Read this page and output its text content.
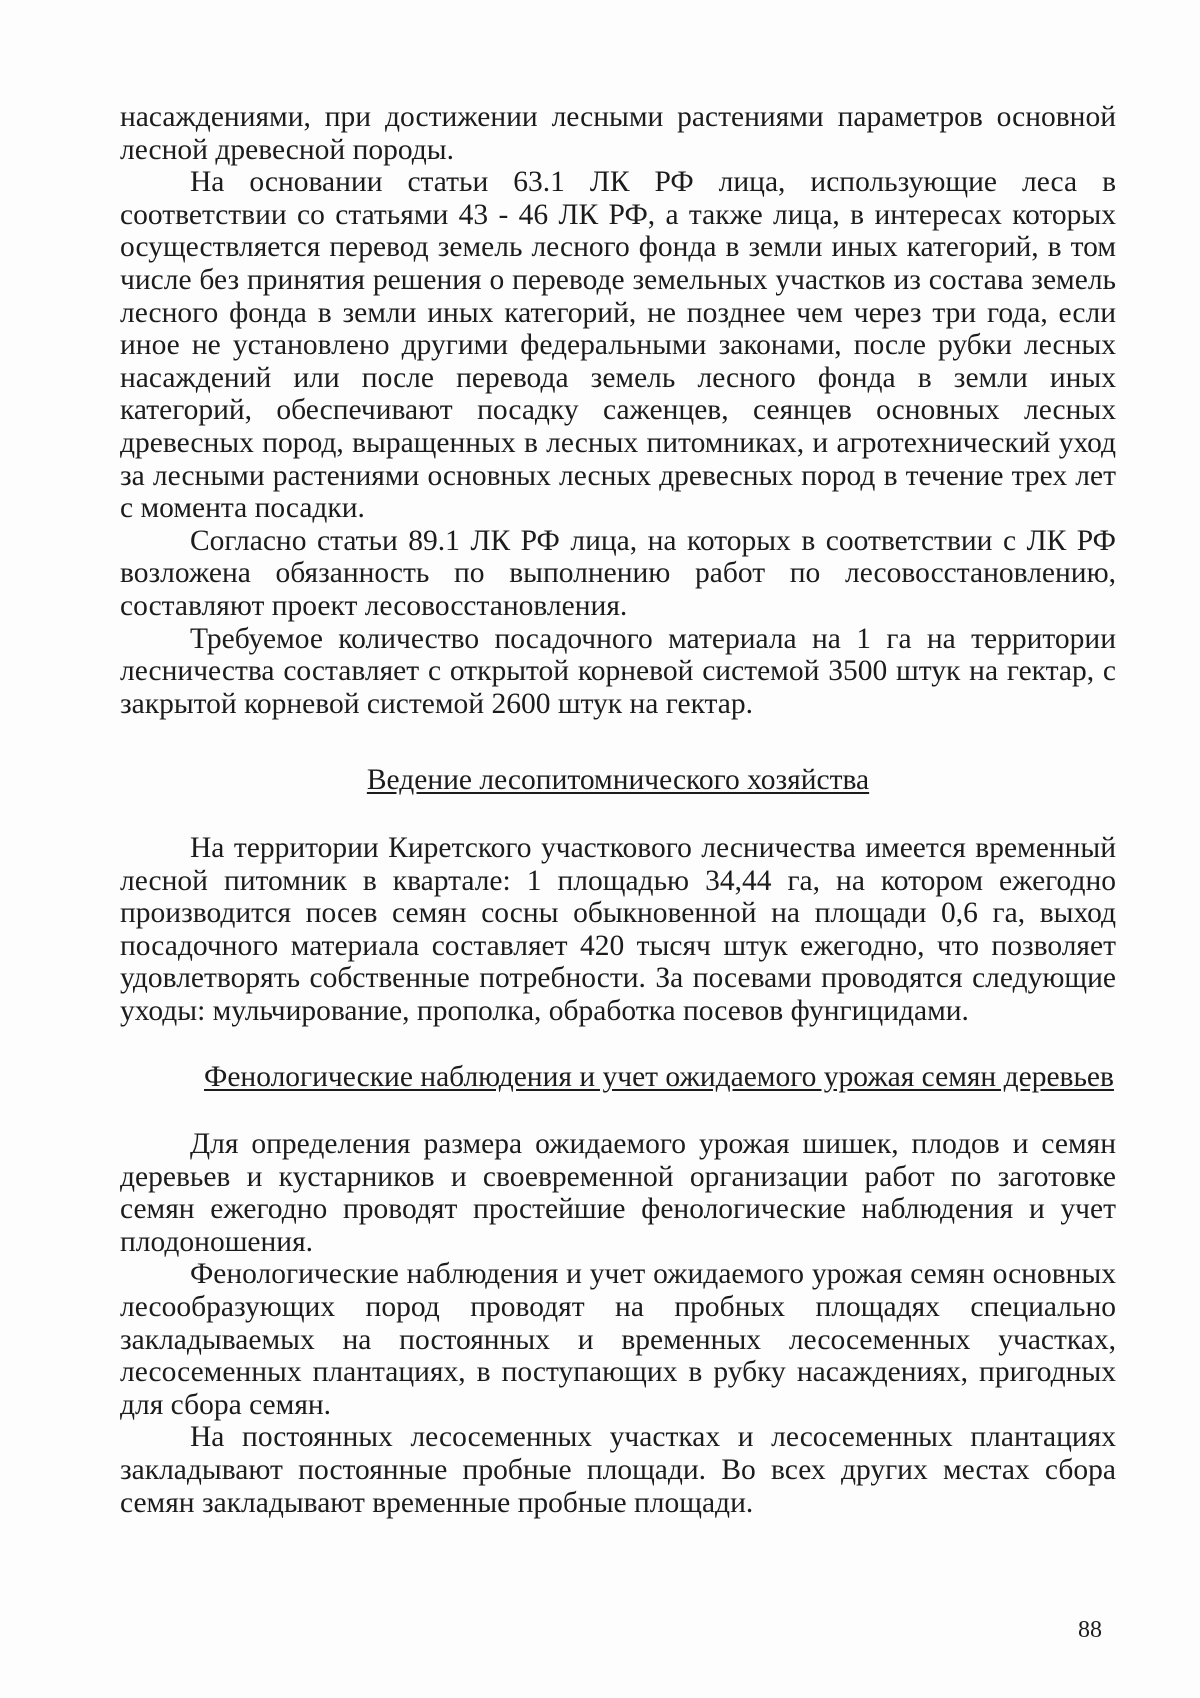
насаждениями, при достижении лесными растениями параметров основной лесной древесной породы.

На основании статьи 63.1 ЛК РФ лица, использующие леса в соответствии со статьями 43 - 46 ЛК РФ, а также лица, в интересах которых осуществляется перевод земель лесного фонда в земли иных категорий, в том числе без принятия решения о переводе земельных участков из состава земель лесного фонда в земли иных категорий, не позднее чем через три года, если иное не установлено другими федеральными законами, после рубки лесных насаждений или после перевода земель лесного фонда в земли иных категорий, обеспечивают посадку саженцев, сеянцев основных лесных древесных пород, выращенных в лесных питомниках, и агротехнический уход за лесными растениями основных лесных древесных пород в течение трех лет с момента посадки.

Согласно статьи 89.1 ЛК РФ лица, на которых в соответствии с ЛК РФ возложена обязанность по выполнению работ по лесовосстановлению, составляют проект лесовосстановления.

Требуемое количество посадочного материала на 1 га на территории лесничества составляет с открытой корневой системой 3500 штук на гектар, с закрытой корневой системой 2600 штук на гектар.

Ведение лесопитомнического хозяйства

На территории Киретского участкового лесничества имеется временный лесной питомник в квартале: 1 площадью 34,44 га, на котором ежегодно производится посев семян сосны обыкновенной на площади 0,6 га, выход посадочного материала составляет 420 тысяч штук ежегодно, что позволяет удовлетворять собственные потребности. За посевами проводятся следующие уходы: мульчирование, прополка, обработка посевов фунгицидами.

Фенологические наблюдения и учет ожидаемого урожая семян деревьев

Для определения размера ожидаемого урожая шишек, плодов и семян деревьев и кустарников и своевременной организации работ по заготовке семян ежегодно проводят простейшие фенологические наблюдения и учет плодоношения.

Фенологические наблюдения и учет ожидаемого урожая семян основных лесообразующих пород проводят на пробных площадях специально закладываемых на постоянных и временных лесосеменных участках, лесосеменных плантациях, в поступающих в рубку насаждениях, пригодных для сбора семян.

На постоянных лесосеменных участках и лесосеменных плантациях закладывают постоянные пробные площади. Во всех других местах сбора семян закладывают временные пробные площади.

88
